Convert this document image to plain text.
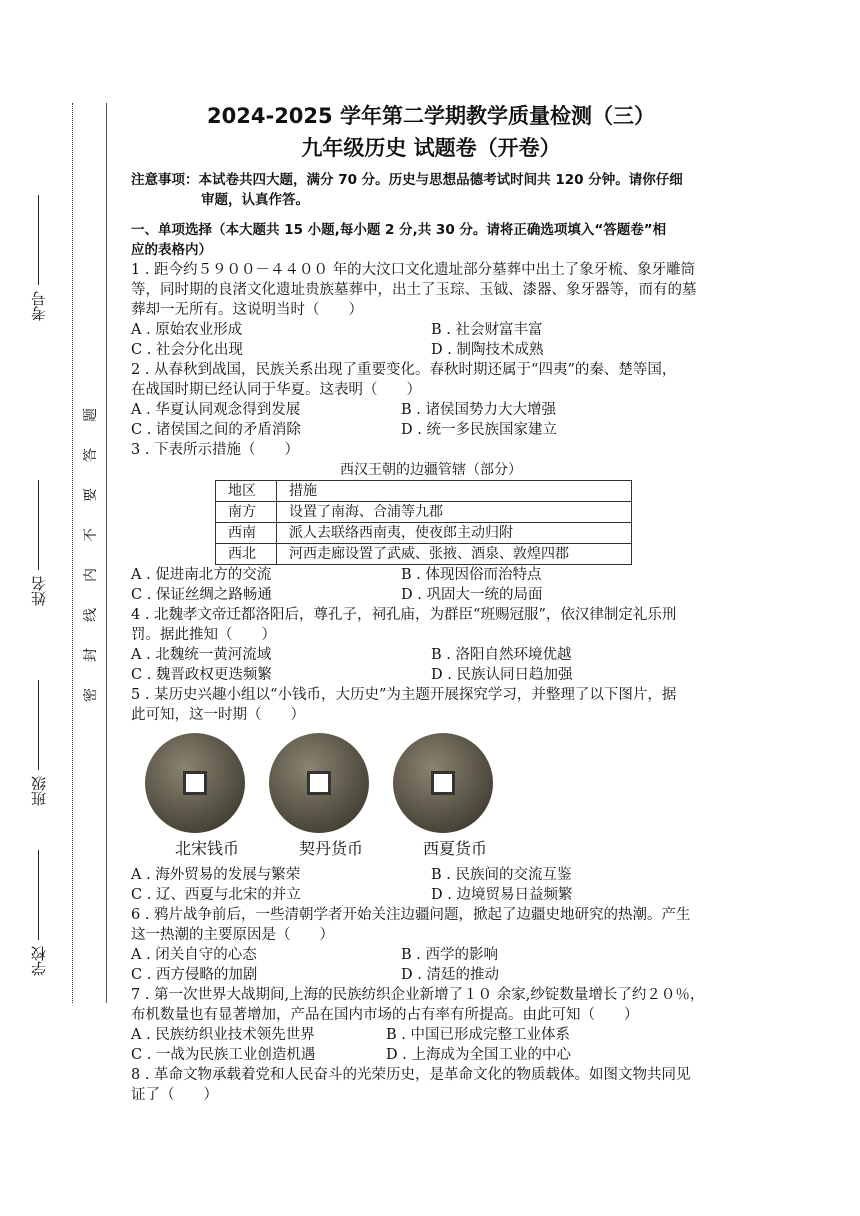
考号
姓名
班级
学校
题
答
要
不
内
线
封
密
2024-2025 学年第二学期教学质量检测（三）
九年级历史 试题卷（开卷）
注意事项：本试卷共四大题，满分 70 分。历史与思想品德考试时间共 120 分钟。请你仔细
审题，认真作答。

一、单项选择（本大题共 15 小题,每小题 2 分,共 30 分。请将正确选项填入“答题卷”相

应的表格内）

1 . 距今约５９００－４４００ 年的大汶口文化遗址部分墓葬中出土了象牙梳、象牙雕筒

等，同时期的良渚文化遗址贵族墓葬中，出土了玉琮、玉钺、漆器、象牙器等，而有的墓

葬却一无所有。这说明当时（　　）

A . 原始农业形成	B . 社会财富丰富
C . 社会分化出现	D . 制陶技术成熟

2 . 从春秋到战国，民族关系出现了重要变化。春秋时期还属于“四夷”的秦、楚等国，

在战国时期已经认同于华夏。这表明（　　）

A . 华夏认同观念得到发展	B . 诸侯国势力大大增强
C . 诸侯国之间的矛盾消除	D . 统一多民族国家建立

3 . 下表所示措施（　　）

西汉王朝的边疆管辖（部分）

地区	措施
南方	设置了南海、合浦等九郡
西南	派人去联络西南夷，使夜郎主动归附
西北	河西走廊设置了武威、张掖、酒泉、敦煌四郡
A . 促进南北方的交流	B . 体现因俗而治特点
C . 保证丝绸之路畅通	D . 巩固大一统的局面

4 . 北魏孝文帝迁都洛阳后，尊孔子，祠孔庙，为群臣“班赐冠服”，依汉律制定礼乐刑

罚。据此推知（　　）

A . 北魏统一黄河流域	B . 洛阳自然环境优越
C . 魏晋政权更迭频繁	D . 民族认同日趋加强

5 . 某历史兴趣小组以“小钱币，大历史”为主题开展探究学习，并整理了以下图片，据

此可知，这一时期（　　）

北宋钱币	契丹货币	西夏货币
A . 海外贸易的发展与繁荣	B . 民族间的交流互鉴
C . 辽、西夏与北宋的并立	D . 边境贸易日益频繁

6 . 鸦片战争前后，一些清朝学者开始关注边疆问题，掀起了边疆史地研究的热潮。产生

这一热潮的主要原因是（　　）

A . 闭关自守的心态	B . 西学的影响
C . 西方侵略的加剧	D . 清廷的推动

7 . 第一次世界大战期间,上海的民族纺织企业新增了１０ 余家,纱锭数量增长了约２０％，

布机数量也有显著增加，产品在国内市场的占有率有所提高。由此可知（　　）

A . 民族纺织业技术领先世界	B . 中国已形成完整工业体系
C . 一战为民族工业创造机遇	D . 上海成为全国工业的中心

8 . 革命文物承载着党和人民奋斗的光荣历史，是革命文化的物质载体。如图文物共同见

证了（　　）
